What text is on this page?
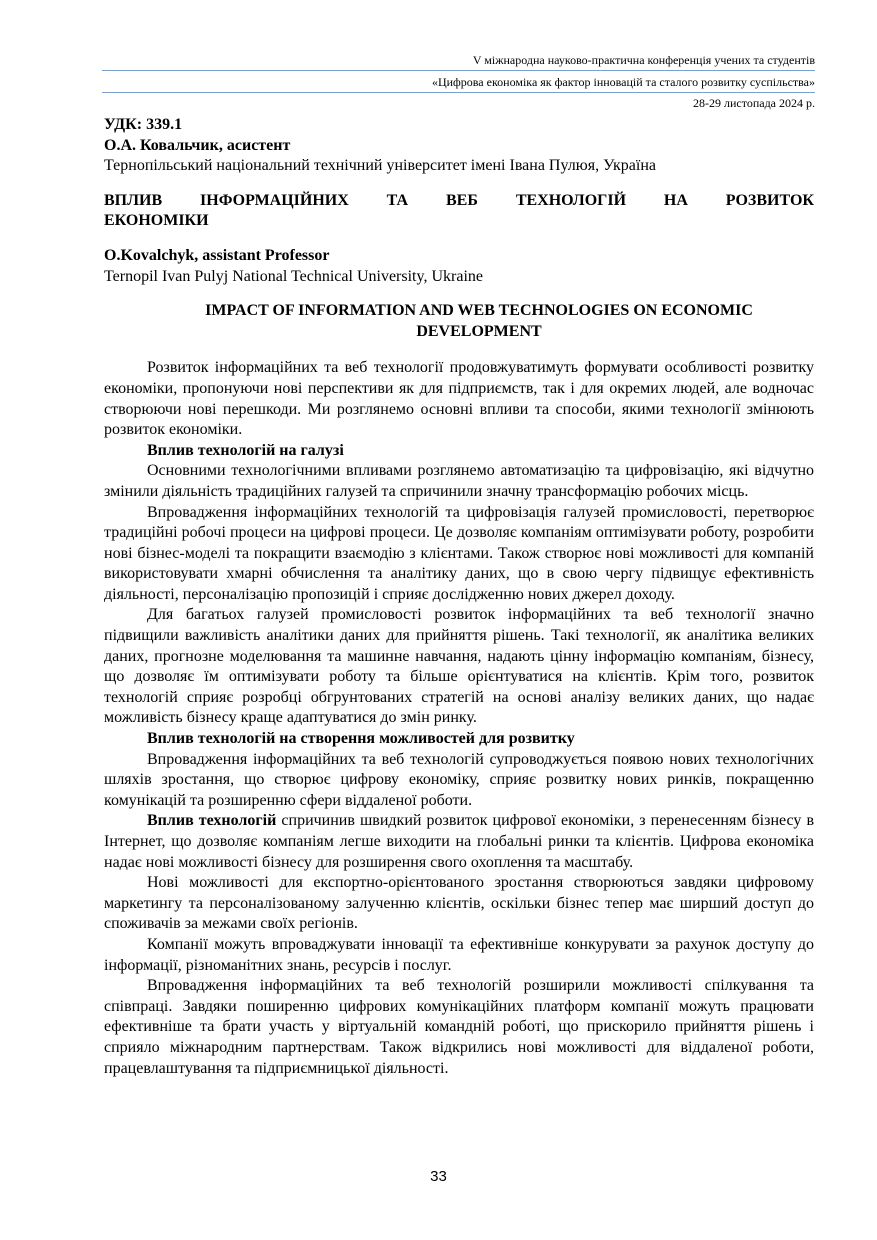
V міжнародна науково-практична конференція учених та студентів
«Цифрова економіка як фактор інновацій та сталого розвитку суспільства»
28-29 листопада 2024 р.
УДК: 339.1
О.А. Ковальчик, асистент
Тернопільський національний технічний університет імені Івана Пулюя, Україна
ВПЛИВ ІНФОРМАЦІЙНИХ ТА ВЕБ ТЕХНОЛОГІЙ НА РОЗВИТОК
ЕКОНОМІКИ
O.Kovalchyk, assistant Professor
Ternopil Ivan Pulyj National Technical University, Ukraine
IMPACT OF INFORMATION AND WEB TECHNOLOGIES ON ECONOMIC DEVELOPMENT

Розвиток інформаційних та веб технології продовжуватимуть формувати особливості розвитку економіки, пропонуючи нові перспективи як для підприємств, так і для окремих людей, але водночас створюючи нові перешкоди. Ми розглянемо основні впливи та способи, якими технології змінюють розвиток економіки.

Вплив технологій на галузі

Основними технологічними впливами розглянемо автоматизацію та цифровізацію, які відчутно змінили діяльність традиційних галузей та спричинили значну трансформацію робочих місць.

Впровадження інформаційних технологій та цифровізація галузей промисловості, перетворює традиційні робочі процеси на цифрові процеси. Це дозволяє компаніям оптимізувати роботу, розробити нові бізнес-моделі та покращити взаємодію з клієнтами. Також створює нові можливості для компаній використовувати хмарні обчислення та аналітику даних, що в свою чергу підвищує ефективність діяльності, персоналізацію пропозицій і сприяє дослідженню нових джерел доходу.

Для багатьох галузей промисловості розвиток інформаційних та веб технології значно підвищили важливість аналітики даних для прийняття рішень. Такі технології, як аналітика великих даних, прогнозне моделювання та машинне навчання, надають цінну інформацію компаніям, бізнесу, що дозволяє їм оптимізувати роботу та більше орієнтуватися на клієнтів. Крім того, розвиток технологій сприяє розробці обгрунтованих стратегій на основі аналізу великих даних, що надає можливість бізнесу краще адаптуватися до змін ринку.

Вплив технологій на створення можливостей для розвитку

Впровадження інформаційних та веб технологій супроводжується появою нових технологічних шляхів зростання, що створює цифрову економіку, сприяє розвитку нових ринків, покращенню комунікацій та розширенню сфери віддаленої роботи.

Вплив технологій спричинив швидкий розвиток цифрової економіки, з перенесенням бізнесу в Інтернет, що дозволяє компаніям легше виходити на глобальні ринки та клієнтів. Цифрова економіка надає нові можливості бізнесу для розширення свого охоплення та масштабу.

Нові можливості для експортно-орієнтованого зростання створюються завдяки цифровому маркетингу та персоналізованому залученню клієнтів, оскільки бізнес тепер має ширший доступ до споживачів за межами своїх регіонів.

Компанії можуть впроваджувати інновації та ефективніше конкурувати за рахунок доступу до інформації, різноманітних знань, ресурсів і послуг.

Впровадження інформаційних та веб технологій розширили можливості спілкування та співпраці. Завдяки поширенню цифрових комунікаційних платформ компанії можуть працювати ефективніше та брати участь у віртуальній командній роботі, що прискорило прийняття рішень і сприяло міжнародним партнерствам. Також відкрились нові можливості для віддаленої роботи, працевлаштування та підприємницької діяльності.

33
